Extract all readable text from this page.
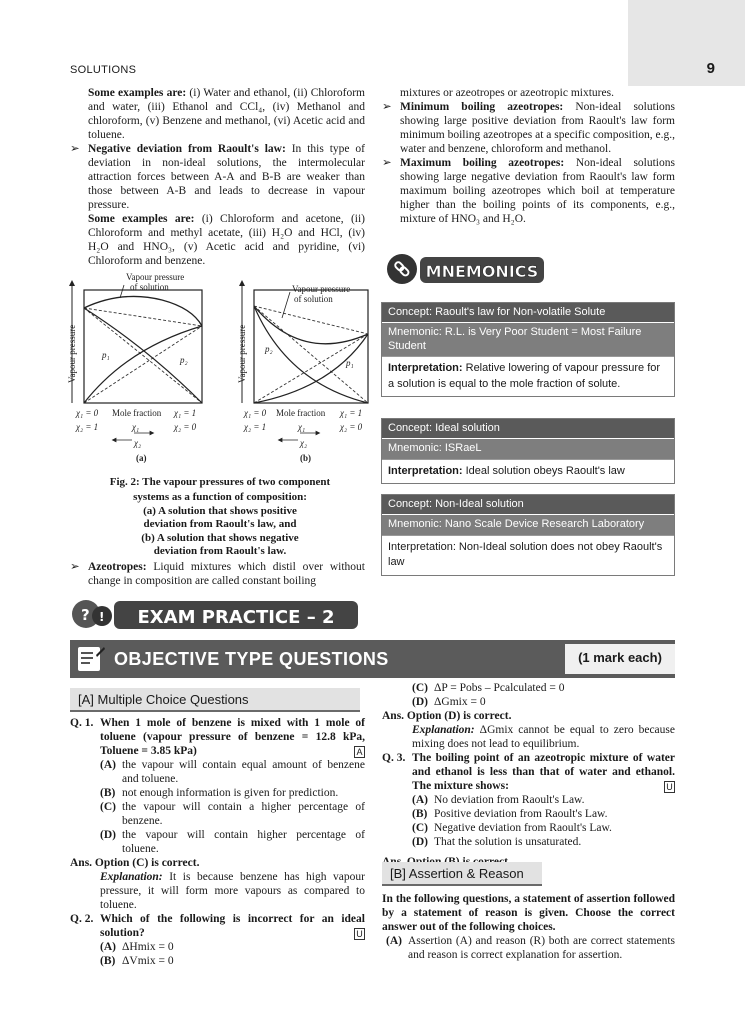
9
SOLUTIONS

Some examples are: (i) Water and ethanol, (ii) Chloroform and water, (iii) Ethanol and CCl₄, (iv) Methanol and chloroform, (v) Benzene and methanol, (vi) Acetic acid and toluene.

➢ Negative deviation from Raoult's law: In this type of deviation in non-ideal solutions, the intermolecular attraction forces between A-A and B-B are weaker than those between A-B and leads to decrease in vapour pressure.

Some examples are: (i) Chloroform and acetone, (ii) Chloroform and methyl acetate, (iii) H₂O and HCl, (iv) H₂O and HNO₃, (v) Acetic acid and pyridine, (vi) Chloroform and benzene.

Vapour pressure
Vapour pressure
of solution
p₁	p₂
χ₁ = 0 Mole fraction χ₁ = 1
χ₂ = 1	χ₁	χ₂ = 0
χ₂
(a)
Vapour pressure
Vapour pressure
of solution
p₂
p₁
χ₁ = 0 Mole fraction χ₁ = 1
χ₂ = 1	χ₁	χ₂ = 0
χ₂
(b)
Fig. 2: The vapour pressures of two component
systems as a function of composition:
(a) A solution that shows positive
deviation from Raoult's law, and
(b) A solution that shows negative
deviation from Raoult's law.

➢ Azeotropes: Liquid mixtures which distil over without change in composition are called constant boiling

mixtures or azeotropes or azeotropic mixtures.

➢ Minimum boiling azeotropes: Non-ideal solutions showing large positive deviation from Raoult's law form minimum boiling azeotropes at a specific composition, e.g., water and benzene, chloroform and methanol.

➢ Maximum boiling azeotropes: Non-ideal solutions showing large negative deviation from Raoult's law form maximum boiling azeotropes which boil at temperature higher than the boiling points of its components, e.g., mixture of HNO₃ and H₂O.

MNEMONICS
Concept: Raoult's law for Non-volatile Solute
Mnemonic: R.L. is Very Poor Student = Most Failure Student
Interpretation: Relative lowering of vapour pressure for a solution is equal to the mole fraction of solute.
Concept: Ideal solution
Mnemonic: ISRaeL
Interpretation: Ideal solution obeys Raoult's law
Concept: Non-Ideal solution
Mnemonic: Nano Scale Device Research Laboratory
Interpretation: Non-Ideal solution does not obey Raoult's law
? ! EXAM PRACTICE – 2
OBJECTIVE TYPE QUESTIONS	(1 mark each)
[A] Multiple Choice Questions
Q. 1. When 1 mole of benzene is mixed with 1 mole of toluene (vapour pressure of benzene = 12.8 kPa, Toluene = 3.85 kPa)	A
(A) the vapour will contain equal amount of benzene and toluene.
(B) not enough information is given for prediction.
(C) the vapour will contain a higher percentage of benzene.
(D) the vapour will contain higher percentage of toluene.

Ans. Option (C) is correct.

Explanation: It is because benzene has high vapour pressure, it will form more vapours as compared to toluene.

Q. 2. Which of the following is incorrect for an ideal solution?	U
(A) ΔHmix = 0
(B) ΔVmix = 0
(C) ΔP = Pobs – Pcalculated = 0
(D) ΔGmix = 0

Ans. Option (D) is correct.

Explanation: ΔGmix cannot be equal to zero because mixing does not lead to equilibrium.

Q. 3. The boiling point of an azeotropic mixture of water and ethanol is less than that of water and ethanol. The mixture shows:	U
(A) No deviation from Raoult's Law.
(B) Positive deviation from Raoult's Law.
(C) Negative deviation from Raoult's Law.
(D) That the solution is unsaturated.

[B] Assertion & Reason

In the following questions, a statement of assertion followed by a statement of reason is given. Choose the correct answer out of the following choices.

(A) Assertion (A) and reason (R) both are correct statements and reason is correct explanation for assertion.
